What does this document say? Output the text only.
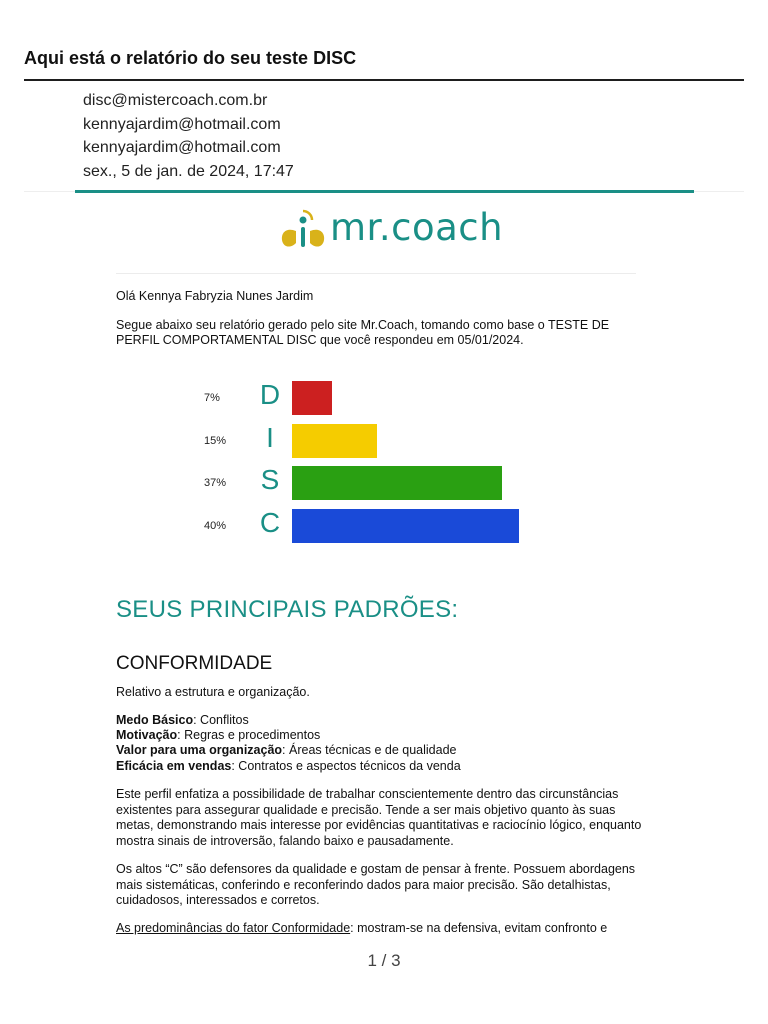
Aqui está o relatório do seu teste DISC
disc@mistercoach.com.br
kennyajardim@hotmail.com
kennyajardim@hotmail.com
sex., 5 de jan. de 2024, 17:47
mr.coach
Olá Kennya Fabryzia Nunes Jardim
Segue abaixo seu relatório gerado pelo site Mr.Coach, tomando como base o TESTE DE
PERFIL COMPORTAMENTAL DISC que você respondeu em 05/01/2024.
7% D
15% I
37% S
40% C
SEUS PRINCIPAIS PADRÕES:
CONFORMIDADE
Relativo a estrutura e organização.
Medo Básico: Conflitos
Motivação: Regras e procedimentos
Valor para uma organização: Áreas técnicas e de qualidade
Eficácia em vendas: Contratos e aspectos técnicos da venda
Este perfil enfatiza a possibilidade de trabalhar conscientemente dentro das circunstâncias existentes para assegurar qualidade e precisão. Tende a ser mais objetivo quanto às suas metas, demonstrando mais interesse por evidências quantitativas e raciocínio lógico, enquanto mostra sinais de introversão, falando baixo e pausadamente.
Os altos “C” são defensores da qualidade e gostam de pensar à frente. Possuem abordagens mais sistemáticas, conferindo e reconferindo dados para maior precisão. São detalhistas, cuidadosos, interessados e corretos.
As predominâncias do fator Conformidade: mostram-se na defensiva, evitam confronto e
1 / 3
